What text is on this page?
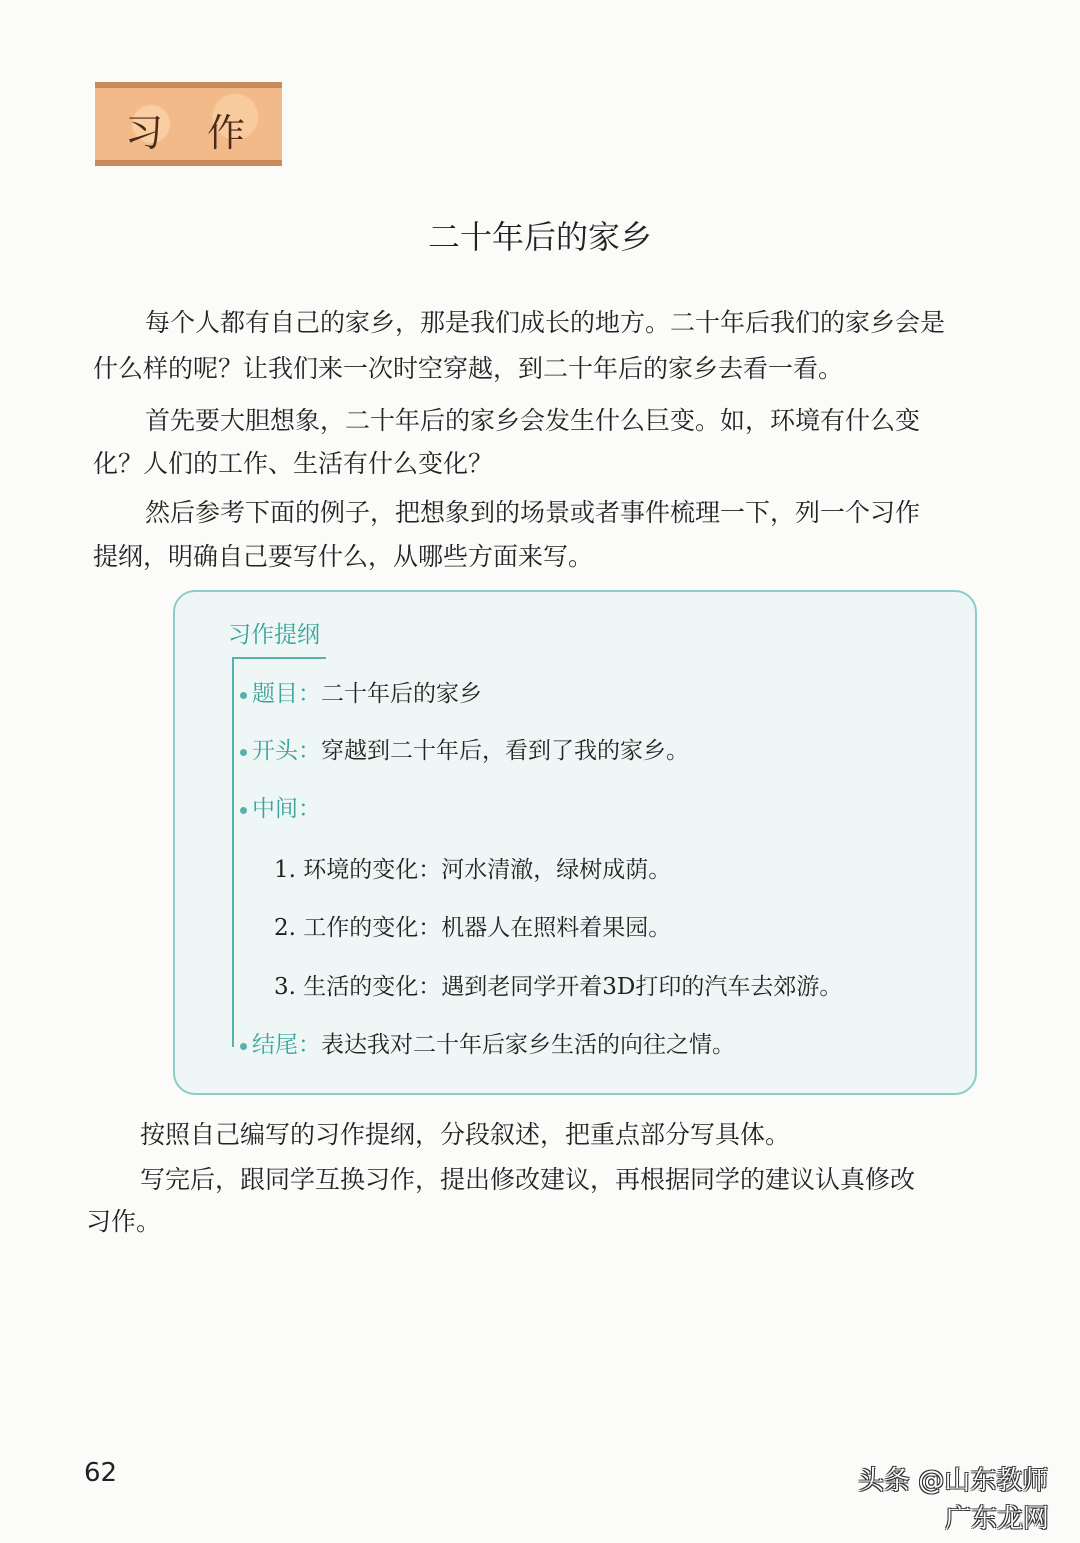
习 作
二十年后的家乡
每个人都有自己的家乡，那是我们成长的地方。二十年后我们的家乡会是
什么样的呢？让我们来一次时空穿越，到二十年后的家乡去看一看。
首先要大胆想象，二十年后的家乡会发生什么巨变。如，环境有什么变
化？人们的工作、生活有什么变化？
然后参考下面的例子，把想象到的场景或者事件梳理一下，列一个习作
提纲，明确自己要写什么，从哪些方面来写。
习作提纲
题目：二十年后的家乡
开头：穿越到二十年后，看到了我的家乡。
中间：
1. 环境的变化：河水清澈，绿树成荫。
2. 工作的变化：机器人在照料着果园。
3. 生活的变化：遇到老同学开着3D打印的汽车去郊游。
结尾：表达我对二十年后家乡生活的向往之情。
按照自己编写的习作提纲，分段叙述，把重点部分写具体。
写完后，跟同学互换习作，提出修改建议，再根据同学的建议认真修改
习作。
62	头条 @山东教师
广东龙网
